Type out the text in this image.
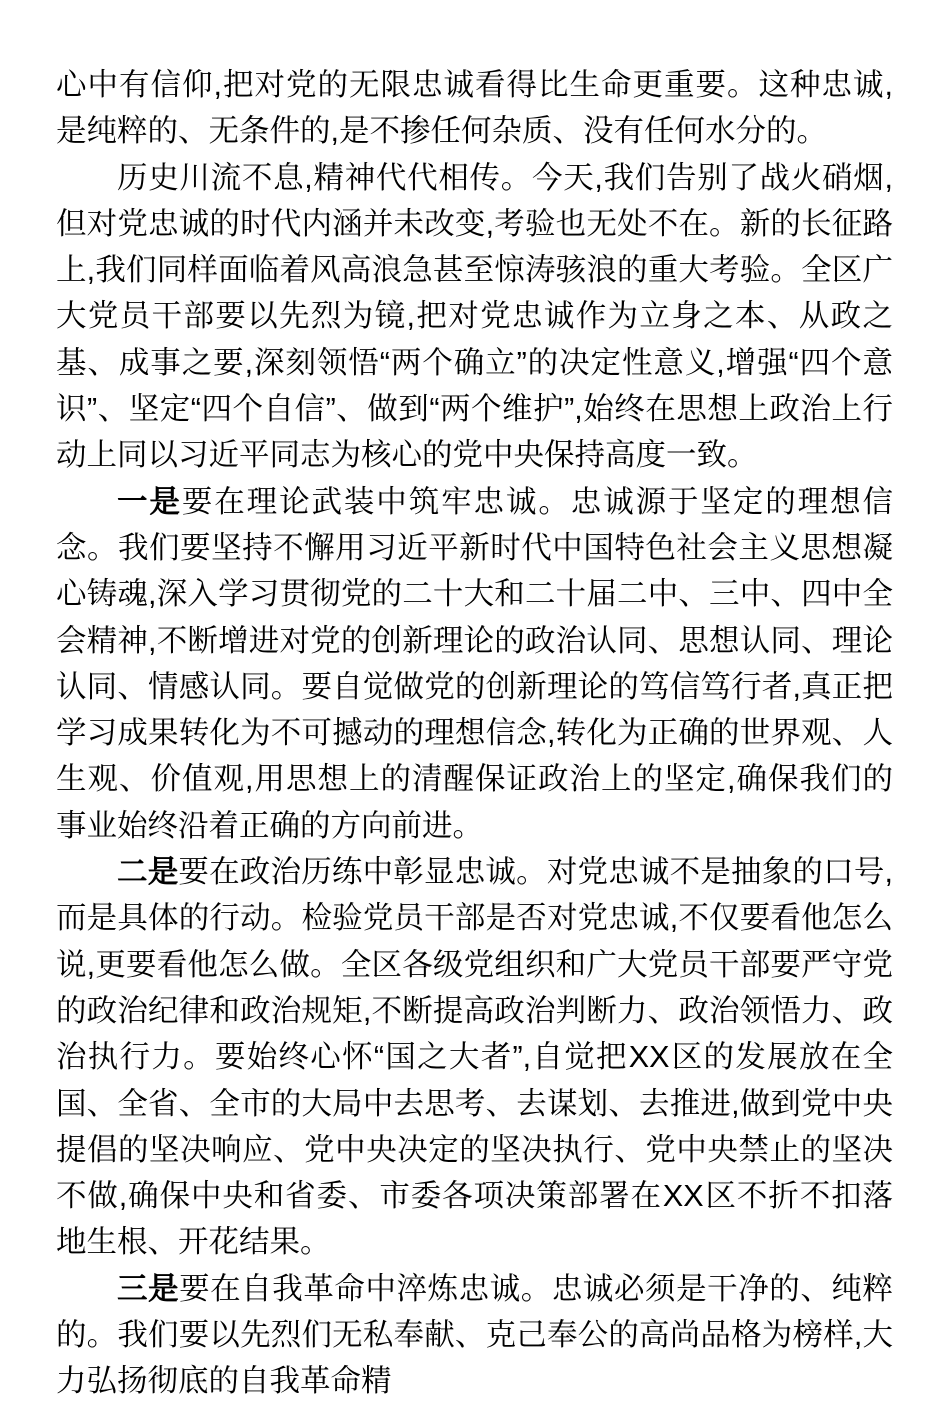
心中有信仰,把对党的无限忠诚看得比生命更重要。这种忠诚,是纯粹的、无条件的,是不掺任何杂质、没有任何水分的。

历史川流不息,精神代代相传。今天,我们告别了战火硝烟,但对党忠诚的时代内涵并未改变,考验也无处不在。新的长征路上,我们同样面临着风高浪急甚至惊涛骇浪的重大考验。全区广大党员干部要以先烈为镜,把对党忠诚作为立身之本、从政之基、成事之要,深刻领悟“两个确立”的决定性意义,增强“四个意识”、坚定“四个自信”、做到“两个维护”,始终在思想上政治上行动上同以习近平同志为核心的党中央保持高度一致。

一是要在理论武装中筑牢忠诚。忠诚源于坚定的理想信念。我们要坚持不懈用习近平新时代中国特色社会主义思想凝心铸魂,深入学习贯彻党的二十大和二十届二中、三中、四中全会精神,不断增进对党的创新理论的政治认同、思想认同、理论认同、情感认同。要自觉做党的创新理论的笃信笃行者,真正把学习成果转化为不可撼动的理想信念,转化为正确的世界观、人生观、价值观,用思想上的清醒保证政治上的坚定,确保我们的事业始终沿着正确的方向前进。

二是要在政治历练中彰显忠诚。对党忠诚不是抽象的口号,而是具体的行动。检验党员干部是否对党忠诚,不仅要看他怎么说,更要看他怎么做。全区各级党组织和广大党员干部要严守党的政治纪律和政治规矩,不断提高政治判断力、政治领悟力、政治执行力。要始终心怀“国之大者”,自觉把XX区的发展放在全国、全省、全市的大局中去思考、去谋划、去推进,做到党中央提倡的坚决响应、党中央决定的坚决执行、党中央禁止的坚决不做,确保中央和省委、市委各项决策部署在XX区不折不扣落地生根、开花结果。

三是要在自我革命中淬炼忠诚。忠诚必须是干净的、纯粹的。我们要以先烈们无私奉献、克己奉公的高尚品格为榜样,大力弘扬彻底的自我革命精
